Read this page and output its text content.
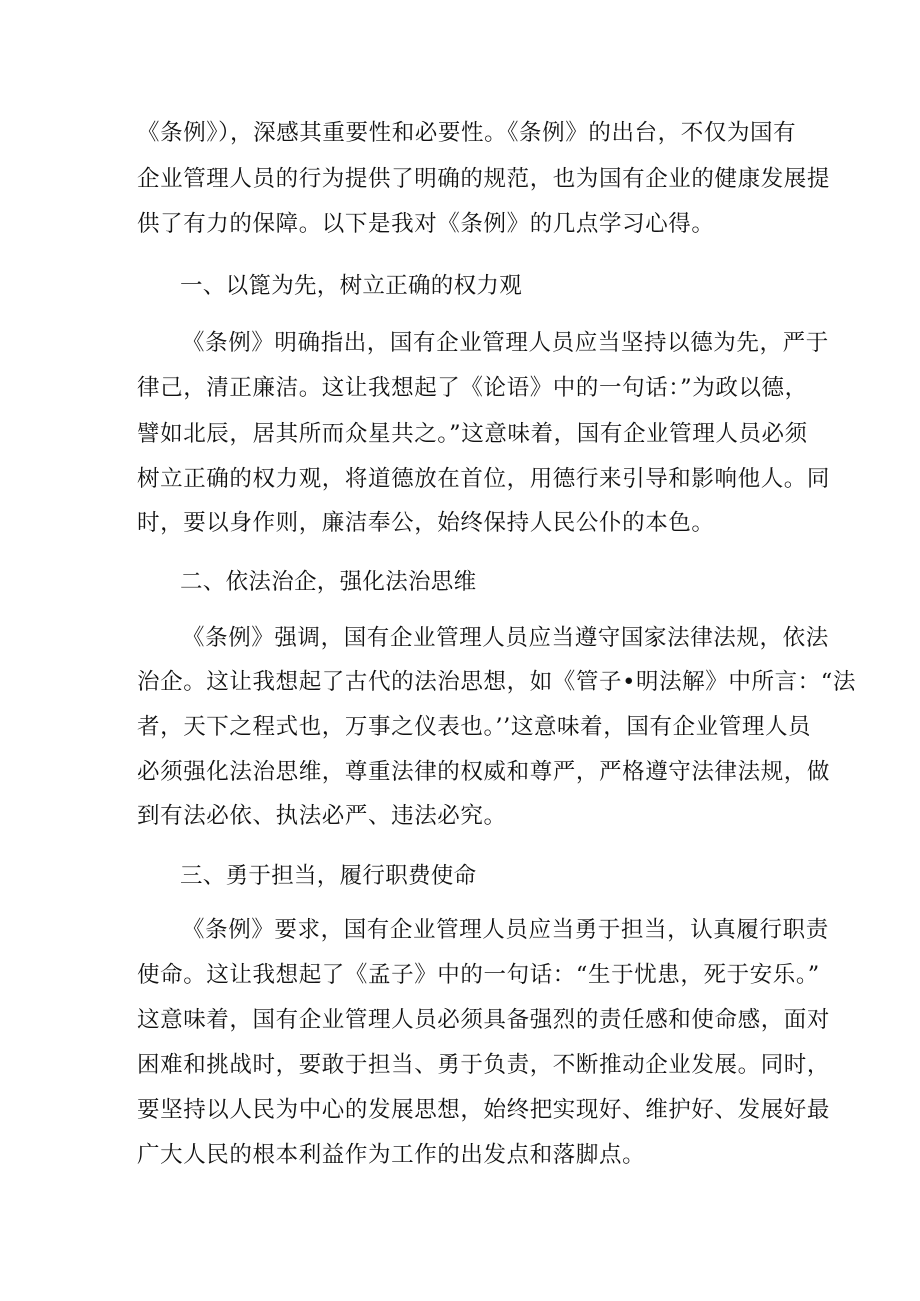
《条例》），深感其重要性和必要性。《条例》的出台，不仅为国有
企业管理人员的行为提供了明确的规范，也为国有企业的健康发展提
供了有力的保障。以下是我对《条例》的几点学习心得。
一、以篦为先，树立正确的权力观
《条例》明确指出，国有企业管理人员应当坚持以德为先，严于
律己，清正廉洁。这让我想起了《论语》中的一句话：”为政以德，
譬如北辰，居其所而众星共之。”这意味着，国有企业管理人员必须
树立正确的权力观，将道德放在首位，用德行来引导和影响他人。同
时，要以身作则，廉洁奉公，始终保持人民公仆的本色。
二、依法治企，强化法治思维
《条例》强调，国有企业管理人员应当遵守国家法律法规，依法
治企。这让我想起了古代的法治思想，如《管子•明法解》中所言：“法
者，天下之程式也，万事之仪表也。’’这意味着，国有企业管理人员
必须强化法治思维，尊重法律的权威和尊严，严格遵守法律法规，做
到有法必依、执法必严、违法必究。
三、勇于担当，履行职费使命
《条例》要求，国有企业管理人员应当勇于担当，认真履行职责
使命。这让我想起了《孟子》中的一句话：“生于忧患，死于安乐。”
这意味着，国有企业管理人员必须具备强烈的责任感和使命感，面对
困难和挑战时，要敢于担当、勇于负责，不断推动企业发展。同时，
要坚持以人民为中心的发展思想，始终把实现好、维护好、发展好最
广大人民的根本利益作为工作的出发点和落脚点。
